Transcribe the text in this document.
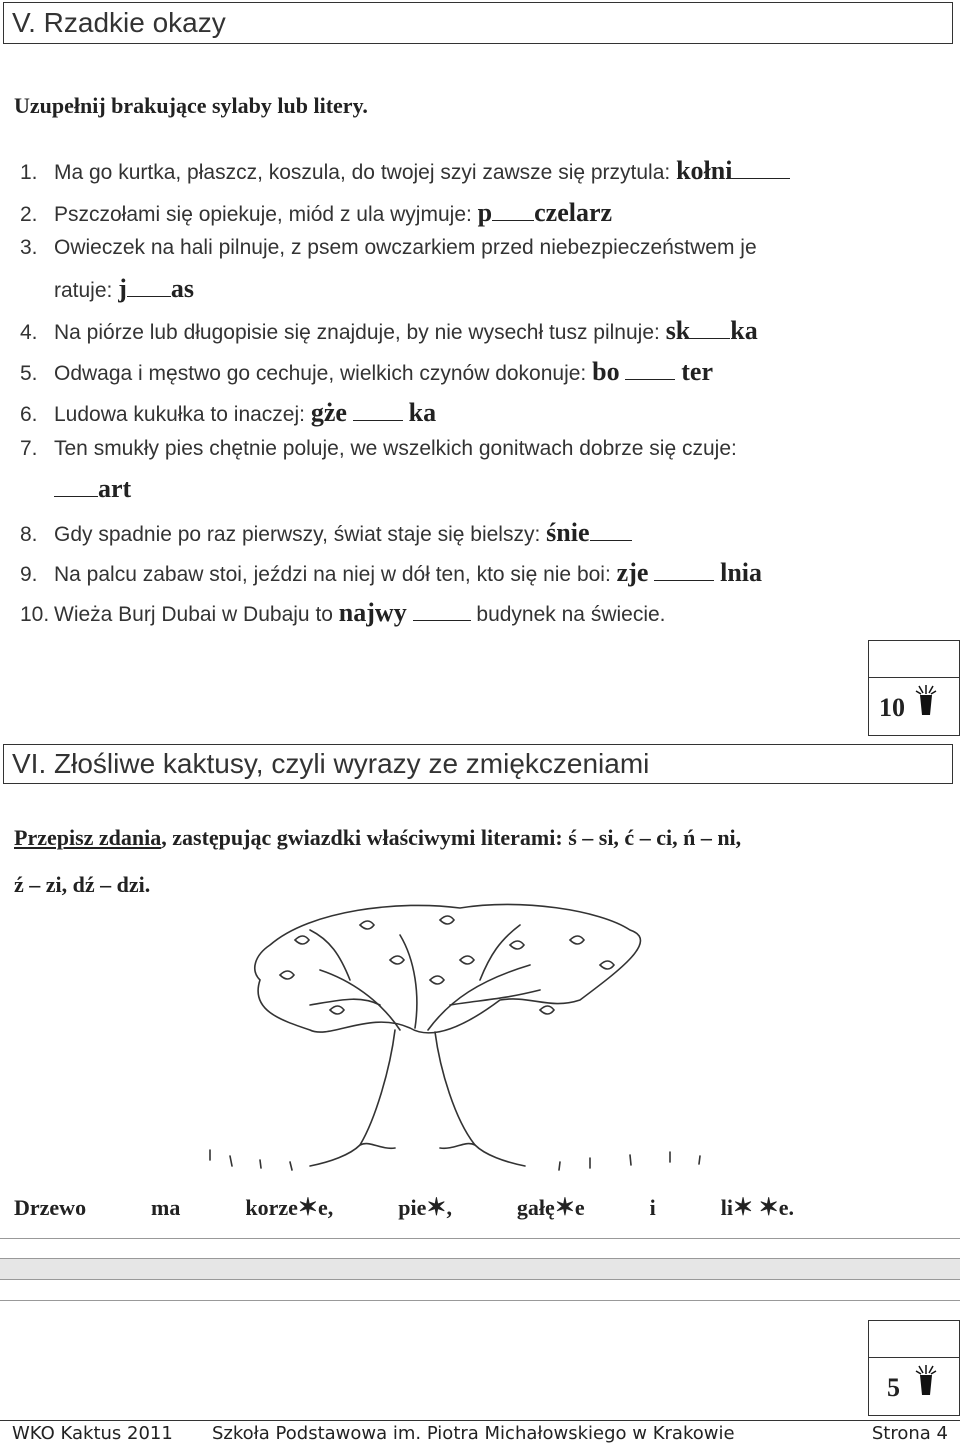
V. Rzadkie okazy
Uzupełnij brakujące sylaby lub litery.
1. Ma go kurtka, płaszcz, koszula, do twojej szyi zawsze się przytula: kołni
2. Pszczołami się opiekuje, miód z ula wyjmuje: p czelarz
3. Owieczek na hali pilnuje, z psem owczarkiem przed niebezpieczeństwem je
ratuje: j as
4. Na piórze lub długopisie się znajduje, by nie wysechł tusz pilnuje: sk ka
5. Odwaga i męstwo go cechuje, wielkich czynów dokonuje: bo ter
6. Ludowa kukułka to inaczej: gże ka
7. Ten smukły pies chętnie poluje, we wszelkich gonitwach dobrze się czuje:
art
8. Gdy spadnie po raz pierwszy, świat staje się bielszy: śnie
9. Na palcu zabaw stoi, jeździ na niej w dół ten, kto się nie boi: zje	lnia
10. Wieża Burj Dubai w Dubaju to najwy	budynek na świecie.
10
VI. Złośliwe kaktusy, czyli wyrazy ze zmiękczeniami
Przepisz zdania, zastępując gwiazdki właściwymi literami: ś – si, ć – ci, ń – ni,
ź – zi, dź – dzi.
Drzewo	ma	korze✶e,	pie✶,	gałę✶e	i	li✶ ✶e.
5
WKO Kaktus 2011 Szkoła Podstawowa im. Piotra Michałowskiego w Krakowie	Strona 4
